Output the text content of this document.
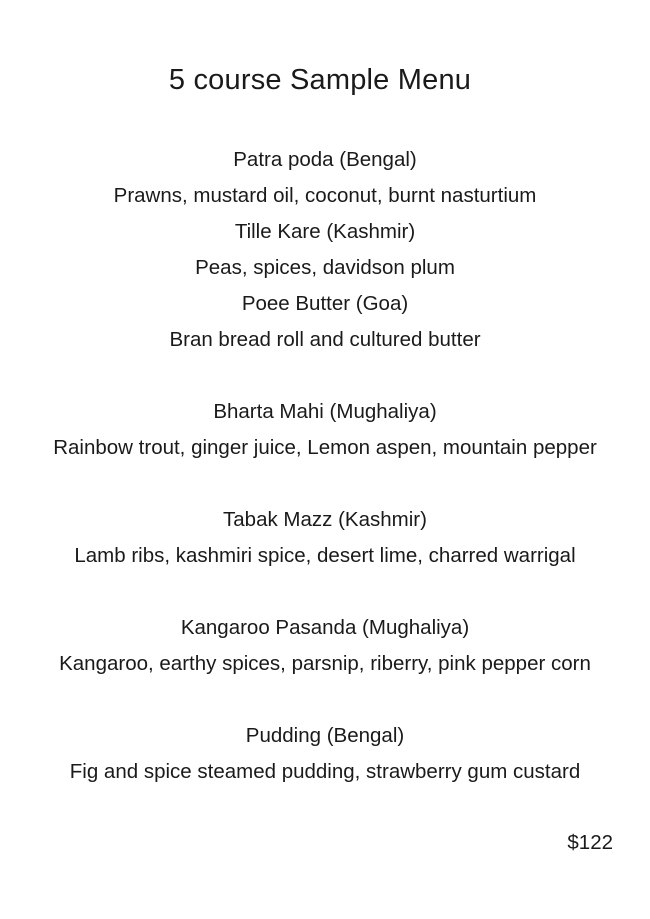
5 course Sample Menu
Patra poda (Bengal)
Prawns, mustard oil, coconut, burnt nasturtium
Tille Kare (Kashmir)
Peas, spices, davidson plum
Poee Butter (Goa)
Bran bread roll and cultured butter
Bharta Mahi (Mughaliya)
Rainbow trout, ginger juice, Lemon aspen, mountain pepper
Tabak Mazz (Kashmir)
Lamb ribs, kashmiri spice, desert lime, charred warrigal
Kangaroo Pasanda (Mughaliya)
Kangaroo, earthy spices, parsnip, riberry, pink pepper corn
Pudding (Bengal)
Fig and spice steamed pudding, strawberry gum custard
$122
